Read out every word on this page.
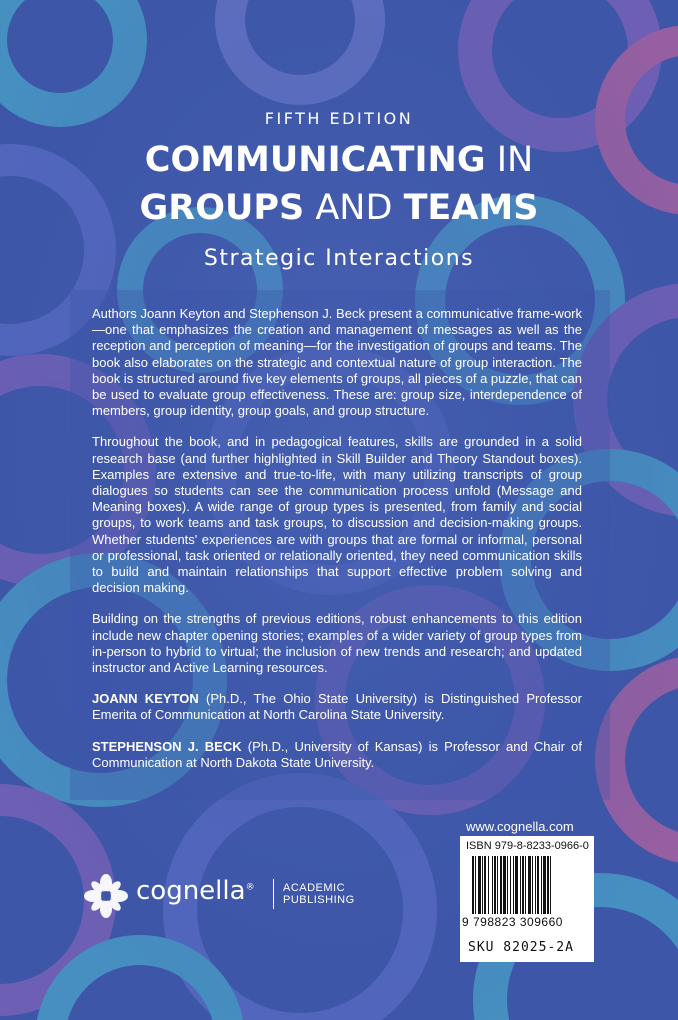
FIFTH EDITION
COMMUNICATING IN
GROUPS AND TEAMS
Strategic Interactions

Authors Joann Keyton and Stephenson J. Beck present a communicative frame-work—one that emphasizes the creation and management of messages as well as the reception and perception of meaning—for the investigation of groups and teams. The book also elaborates on the strategic and contextual nature of group interaction. The book is structured around five key elements of groups, all pieces of a puzzle, that can be used to evaluate group effectiveness. These are: group size, interdependence of members, group identity, group goals, and group structure.

Throughout the book, and in pedagogical features, skills are grounded in a solid research base (and further highlighted in Skill Builder and Theory Standout boxes). Examples are extensive and true-to-life, with many utilizing transcripts of group dialogues so students can see the communication process unfold (Message and Meaning boxes). A wide range of group types is presented, from family and social groups, to work teams and task groups, to discussion and decision-making groups. Whether students' experiences are with groups that are formal or informal, personal or professional, task oriented or relationally oriented, they need communication skills to build and maintain relationships that support effective problem solving and decision making.

Building on the strengths of previous editions, robust enhancements to this edition include new chapter opening stories; examples of a wider variety of group types from in-person to hybrid to virtual; the inclusion of new trends and research; and updated instructor and Active Learning resources.

JOANN KEYTON (Ph.D., The Ohio State University) is Distinguished Professor Emerita of Communication at North Carolina State University.

STEPHENSON J. BECK (Ph.D., University of Kansas) is Professor and Chair of Communication at North Dakota State University.

cognella®	ACADEMIC
PUBLISHING
www.cognella.com
ISBN 979-8-8233-0966-0
9 798823 309660
SKU 82025-2A
